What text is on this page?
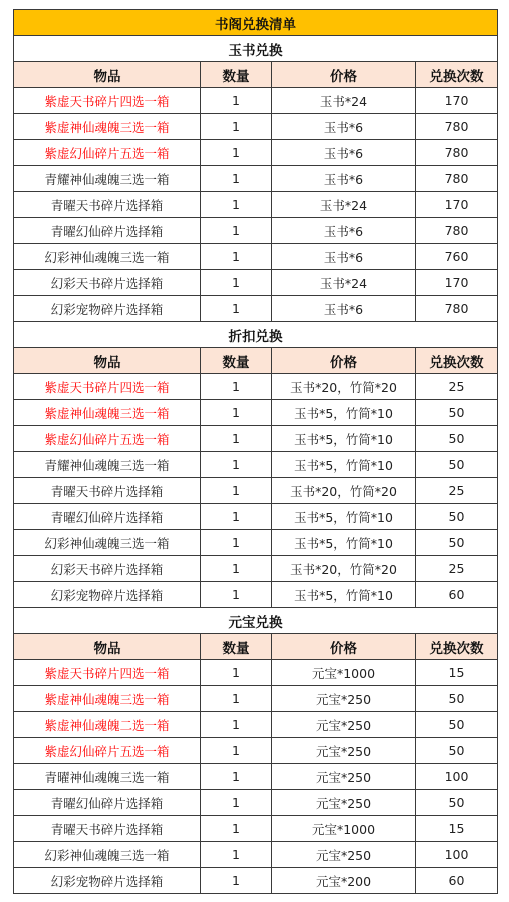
书阁兑换清单			
玉书兑换			
物品	数量	价格	兑换次数
紫虚天书碎片四选一箱	1	玉书*24	170
紫虚神仙魂魄三选一箱	1	玉书*6	780
紫虚幻仙碎片五选一箱	1	玉书*6	780
青耀神仙魂魄三选一箱	1	玉书*6	780
青曜天书碎片选择箱	1	玉书*24	170
青曜幻仙碎片选择箱	1	玉书*6	780
幻彩神仙魂魄三选一箱	1	玉书*6	760
幻彩天书碎片选择箱	1	玉书*24	170
幻彩宠物碎片选择箱	1	玉书*6	780
折扣兑换			
物品	数量	价格	兑换次数
紫虚天书碎片四选一箱	1	玉书*20，竹简*20	25
紫虚神仙魂魄三选一箱	1	玉书*5，竹简*10	50
紫虚幻仙碎片五选一箱	1	玉书*5，竹简*10	50
青耀神仙魂魄三选一箱	1	玉书*5，竹简*10	50
青曜天书碎片选择箱	1	玉书*20，竹简*20	25
青曜幻仙碎片选择箱	1	玉书*5，竹简*10	50
幻彩神仙魂魄三选一箱	1	玉书*5，竹简*10	50
幻彩天书碎片选择箱	1	玉书*20，竹简*20	25
幻彩宠物碎片选择箱	1	玉书*5，竹简*10	60
元宝兑换			
物品	数量	价格	兑换次数
紫虚天书碎片四选一箱	1	元宝*1000	15
紫虚神仙魂魄三选一箱	1	元宝*250	50
紫虚神仙魂魄二选一箱	1	元宝*250	50
紫虚幻仙碎片五选一箱	1	元宝*250	50
青曜神仙魂魄三选一箱	1	元宝*250	100
青曜幻仙碎片选择箱	1	元宝*250	50
青曜天书碎片选择箱	1	元宝*1000	15
幻彩神仙魂魄三选一箱	1	元宝*250	100
幻彩宠物碎片选择箱	1	元宝*200	60
